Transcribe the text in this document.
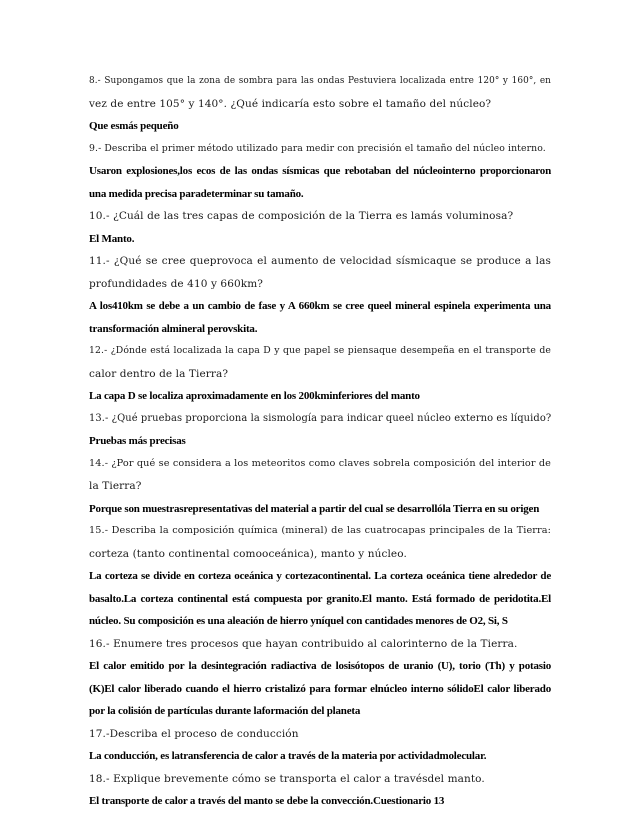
8.- Supongamos que la zona de sombra para las ondas Pestuviera localizada entre 120° y 160°, en

vez de entre 105° y 140°. ¿Qué indicaría esto sobre el tamaño del núcleo?

Que esmás pequeño

9.- Describa el primer método utilizado para medir con precisión el tamaño del núcleo interno.

Usaron explosiones,los ecos de las ondas sísmicas que rebotaban del núcleointerno proporcionaron

una medida precisa paradeterminar su tamaño.

10.- ¿Cuál de las tres capas de composición de la Tierra es lamás voluminosa?

El Manto.

11.- ¿Qué se cree queprovoca el aumento de velocidad sísmicaque se produce a las

profundidades de 410 y 660km?

A los410km se debe a un cambio de fase y A 660km se cree queel mineral espinela experimenta una

transformación almineral perovskita.

12.- ¿Dónde está localizada la capa D y que papel se piensaque desempeña en el transporte de

calor dentro de la Tierra?

La capa D se localiza aproximadamente en los 200kminferiores del manto

13.- ¿Qué pruebas proporciona la sismología para indicar queel núcleo externo es líquido?

Pruebas más precisas

14.- ¿Por qué se considera a los meteoritos como claves sobrela composición del interior de

la Tierra?

Porque son muestrasrepresentativas del material a partir del cual se desarrollóla Tierra en su origen

15.- Describa la composición química (mineral) de las cuatrocapas principales de la Tierra:

corteza (tanto continental comooceánica), manto y núcleo.

La corteza se divide en corteza oceánica y cortezacontinental. La corteza oceánica tiene alrededor de

basalto.La corteza continental está compuesta por granito.El manto. Está formado de peridotita.El

núcleo. Su composición es una aleación de hierro yníquel con cantidades menores de O2, Si, S

16.- Enumere tres procesos que hayan contribuido al calorinterno de la Tierra.

El calor emitido por la desintegración radiactiva de losisótopos de uranio (U), torio (Th) y potasio

(K)El calor liberado cuando el hierro cristalizó para formar elnúcleo interno sólidoEl calor liberado

por la colisión de partículas durante laformación del planeta

17.-Describa el proceso de conducción

La conducción, es latransferencia de calor a través de la materia por actividadmolecular.

18.- Explique brevemente cómo se transporta el calor a travésdel manto.

El transporte de calor a través del manto se debe la convección.Cuestionario 13
